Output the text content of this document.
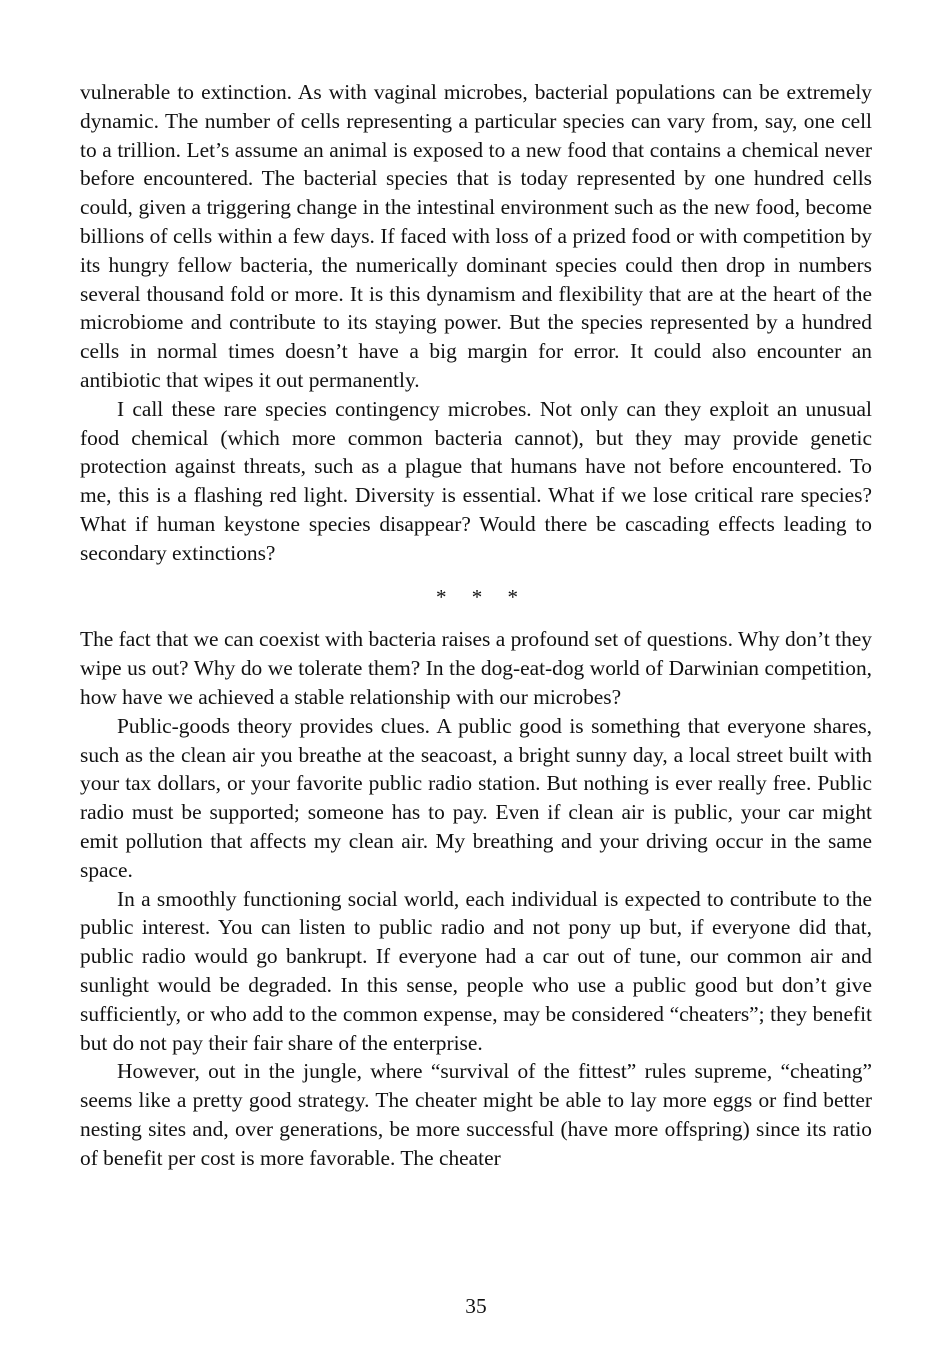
vulnerable to extinction. As with vaginal microbes, bacterial populations can be extremely dynamic. The number of cells representing a particular species can vary from, say, one cell to a trillion. Let’s assume an animal is exposed to a new food that contains a chemical never before encountered. The bacterial species that is today represented by one hundred cells could, given a triggering change in the intestinal environment such as the new food, become billions of cells within a few days. If faced with loss of a prized food or with competition by its hungry fellow bacteria, the numerically dominant species could then drop in numbers several thousand fold or more. It is this dynamism and flexibility that are at the heart of the microbiome and contribute to its staying power. But the species represented by a hundred cells in normal times doesn’t have a big margin for error. It could also encounter an antibiotic that wipes it out permanently.

I call these rare species contingency microbes. Not only can they exploit an unusual food chemical (which more common bacteria cannot), but they may provide genetic protection against threats, such as a plague that humans have not before encountered. To me, this is a flashing red light. Diversity is essential. What if we lose critical rare species? What if human keystone species disappear? Would there be cascading effects leading to secondary extinctions?

* * *

The fact that we can coexist with bacteria raises a profound set of questions. Why don’t they wipe us out? Why do we tolerate them? In the dog-eat-dog world of Darwinian competition, how have we achieved a stable relationship with our microbes?

Public-goods theory provides clues. A public good is something that everyone shares, such as the clean air you breathe at the seacoast, a bright sunny day, a local street built with your tax dollars, or your favorite public radio station. But nothing is ever really free. Public radio must be supported; someone has to pay. Even if clean air is public, your car might emit pollution that affects my clean air. My breathing and your driving occur in the same space.

In a smoothly functioning social world, each individual is expected to contribute to the public interest. You can listen to public radio and not pony up but, if everyone did that, public radio would go bankrupt. If everyone had a car out of tune, our common air and sunlight would be degraded. In this sense, people who use a public good but don’t give sufficiently, or who add to the common expense, may be considered “cheaters”; they benefit but do not pay their fair share of the enterprise.

However, out in the jungle, where “survival of the fittest” rules supreme, “cheating” seems like a pretty good strategy. The cheater might be able to lay more eggs or find better nesting sites and, over generations, be more successful (have more offspring) since its ratio of benefit per cost is more favorable. The cheater

35
